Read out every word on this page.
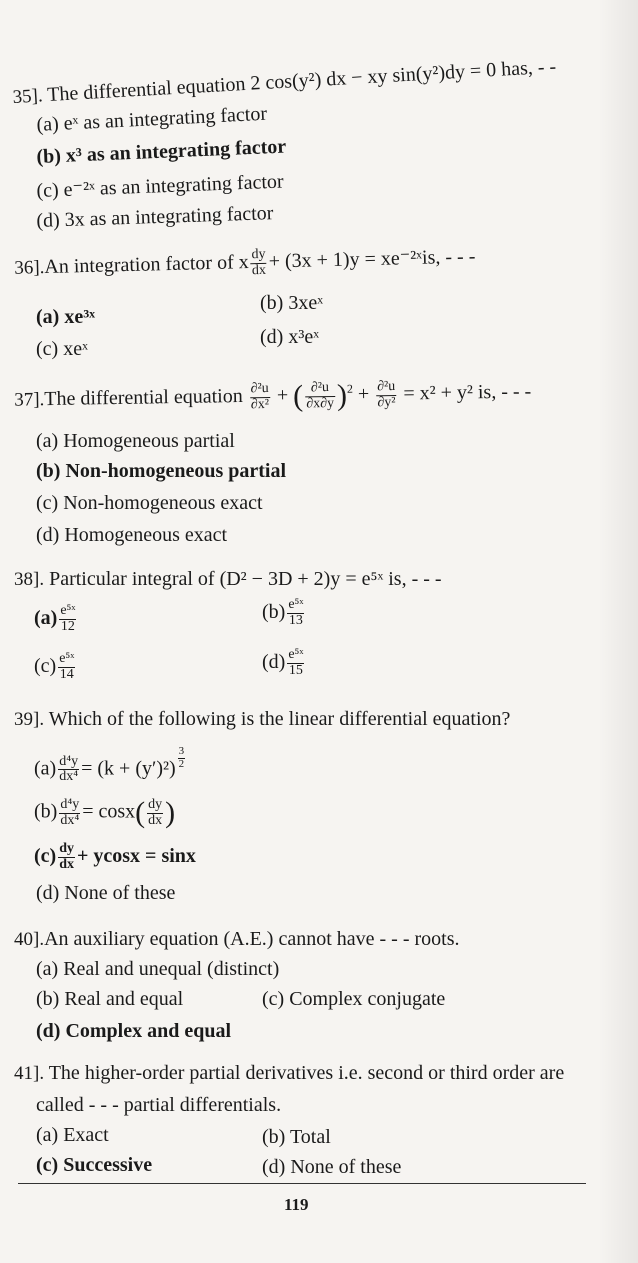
35]. The differential equation 2 cos(y²) dx − xy sin(y²)dy = 0 has, - -
(a) eˣ as an integrating factor
(b) x³ as an integrating factor
(c) e⁻²ˣ as an integrating factor
(d) 3x as an integrating factor
36].An integration factor of x $\frac{dy}{dx} + (3x + 1)y$ = xe⁻²ˣis, - - -
(a) xe³ˣ
(b) 3xeˣ
(c) xeˣ
(d) x³eˣ
37].The differential equation $\frac{\text{∂²u}}{\text{∂x²}}$ + ( $\frac{\text{∂²u}}{\partial x\partial y} )^2 + \frac{\text{∂²u}}{\text{∂y²}} = x^2 + y^2$ is, - - -
(a) Homogeneous partial
(b) Non-homogeneous partial
(c) Non-homogeneous exact
(d) Homogeneous exact
38]. Particular integral of (D² − 3D + 2)y = e⁵ˣ is, - - -
$(a) \frac{\text{e⁵ˣ}}{12}$	$(b) \frac{\text{e⁵ˣ}}{13}$
$(c) \frac{\text{e⁵ˣ}}{14}$	$(d) \frac{\text{e⁵ˣ}}{15}$
39]. Which of the following is the linear differential equation?
$(a) \frac{\text{d⁴y}}{\text{dx⁴}} = (k + (y')^2) \frac{3}{2}$
$(b) \frac{\text{d⁴y}}{\text{dx⁴}} = \cos x( \frac{dy}{dx}$ )
$(c) \frac{dy}{dx} + ycosx = \sin x$
(d) None of these
40].An auxiliary equation (A.E.) cannot have - - - roots.
(a) Real and unequal (distinct)
(b) Real and equal	(c) Complex conjugate
(d) Complex and equal
41]. The higher-order partial derivatives i.e. second or third order are
called - - - partial differentials.
(a) Exact	(b) Total
(c) Successive	(d) None of these
119
